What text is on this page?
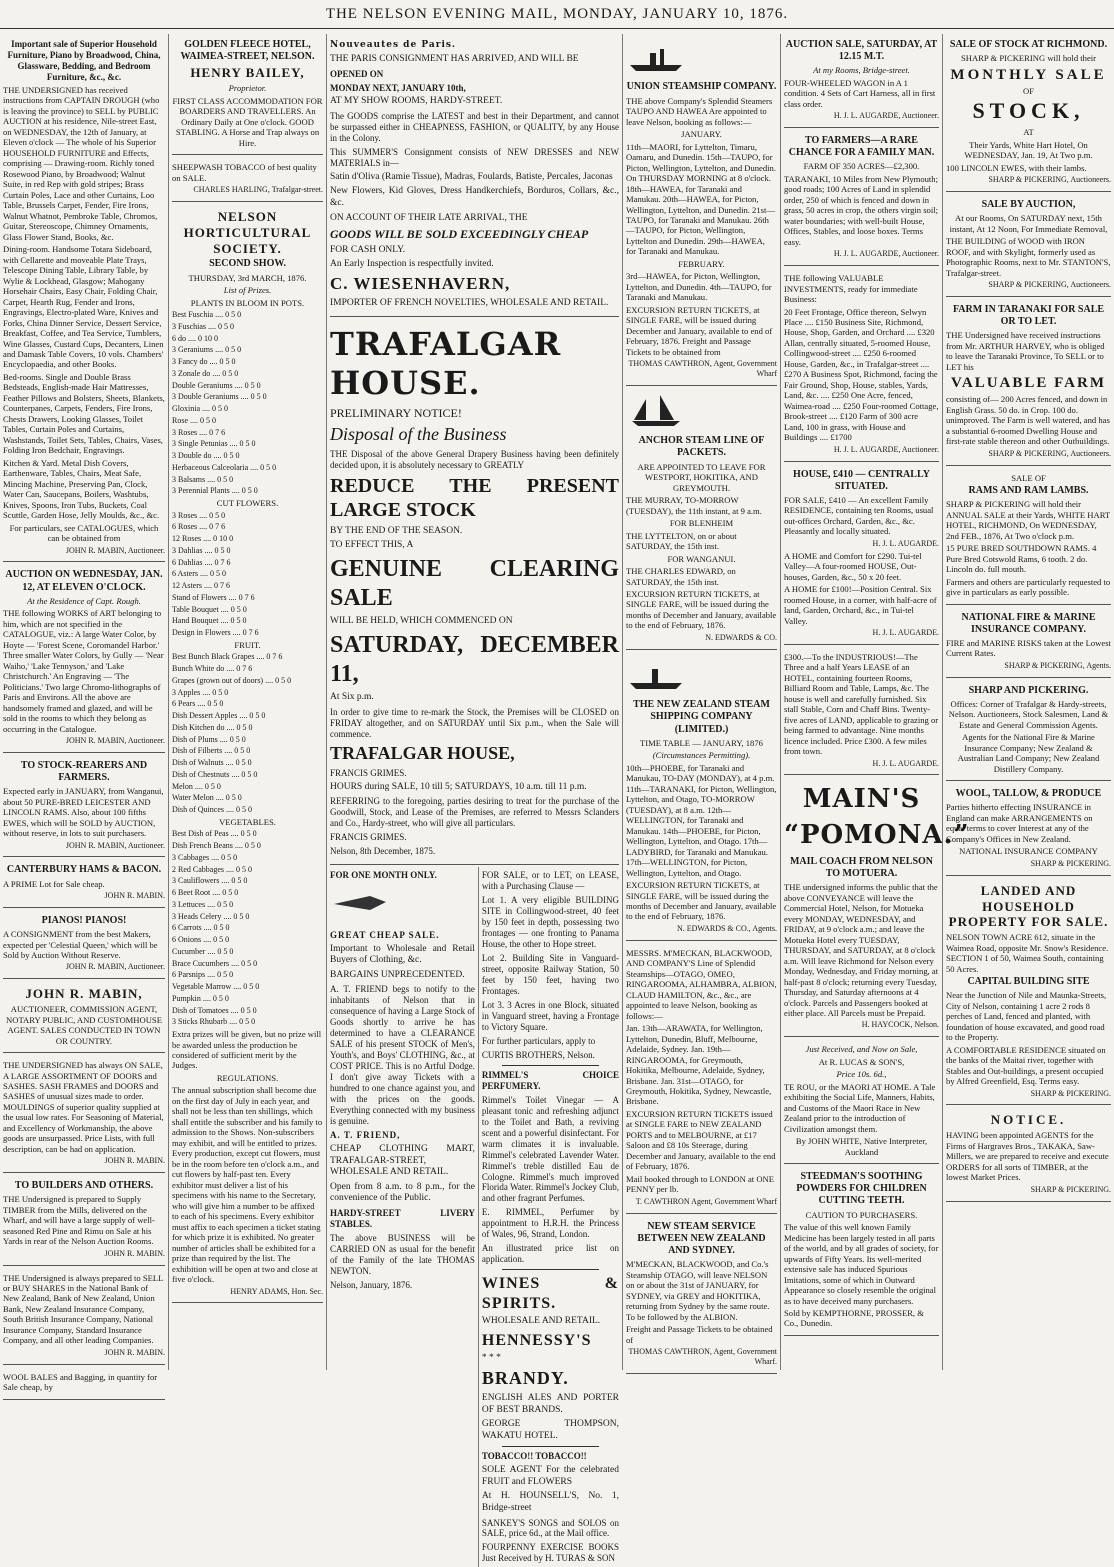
THE NELSON EVENING MAIL, MONDAY, JANUARY 10, 1876.

Important sale of Superior Household Furniture, Piano by Broadwood, China, Glassware, Bedding, and Bedroom Furniture, &c., &c.

THE UNDERSIGNED has received instructions from CAPTAIN DROUGH (who is leaving the province) to SELL by PUBLIC AUCTION at his residence, Nile-street East, on WEDNESDAY, the 12th of January, at Eleven o'clock — The whole of his Superior HOUSEHOLD FURNITURE and Effects, comprising — Drawing-room. Richly toned Rosewood Piano, by Broadwood; Walnut Suite, in red Rep with gold stripes; Brass Curtain Poles, Lace and other Curtains, Loo Table, Brussels Carpet, Fender, Fire Irons, Walnut Whatnot, Pembroke Table, Chromos, Guitar, Stereoscope, Chimney Ornaments, Glass Flower Stand, Books, &c.

Dining-room. Handsome Totara Sideboard, with Cellarette and moveable Plate Trays, Telescope Dining Table, Library Table, by Wylie & Lockhead, Glasgow; Mahogany Horsehair Chairs, Easy Chair, Folding Chair, Carpet, Hearth Rug, Fender and Irons, Engravings, Electro-plated Ware, Knives and Forks, China Dinner Service, Dessert Service, Breakfast, Coffee, and Tea Service, Tumblers, Wine Glasses, Custard Cups, Decanters, Linen and Damask Table Covers, 10 vols. Chambers' Encyclopaedia, and other Books.

Bed-rooms. Single and Double Brass Bedsteads, English-made Hair Mattresses, Feather Pillows and Bolsters, Sheets, Blankets, Counterpanes, Carpets, Fenders, Fire Irons, Chests Drawers, Looking Glasses, Toilet Tables, Curtain Poles and Curtains, Washstands, Toilet Sets, Tables, Chairs, Vases, Folding Iron Bedchair, Engravings.

Kitchen & Yard. Metal Dish Covers, Earthenware, Tables, Chairs, Meat Safe, Mincing Machine, Preserving Pan, Clock, Water Can, Saucepans, Boilers, Washtubs, Knives, Spoons, Iron Tubs, Buckets, Coal Scuttle, Garden Hose, Jelly Moulds, &c., &c.

For particulars, see CATALOGUES, which can be obtained from

JOHN R. MABIN, Auctioneer.

AUCTION ON WEDNESDAY, JAN. 12, AT ELEVEN O'CLOCK.

At the Residence of Capt. Rough.

THE following WORKS of ART belonging to him, which are not specified in the CATALOGUE, viz.: A large Water Color, by Hoyte — 'Forest Scene, Coromandel Harbor.' Three smaller Water Colors, by Gully — 'Near Waiho,' 'Lake Tennyson,' and 'Lake Christchurch.' An Engraving — 'The Politicians.' Two large Chromo-lithographs of Paris and Environs. All the above are handsomely framed and glazed, and will be sold in the rooms to which they belong as occurring in the Catalogue.

JOHN R. MABIN, Auctioneer.

TO STOCK-REARERS AND FARMERS.

Expected early in JANUARY, from Wanganui, about 50 PURE-BRED LEICESTER AND LINCOLN RAMS. Also, about 100 fifths EWES, which will be SOLD by AUCTION, without reserve, in lots to suit purchasers.

JOHN R. MABIN, Auctioneer.

CANTERBURY HAMS & BACON.

A PRIME Lot for Sale cheap.

JOHN R. MABIN.

PIANOS! PIANOS!

A CONSIGNMENT from the best Makers, expected per 'Celestial Queen,' which will be Sold by Auction Without Reserve.

JOHN R. MABIN, Auctioneer.

JOHN R. MABIN,

AUCTIONEER, COMMISSION AGENT, NOTARY PUBLIC, AND CUSTOMHOUSE AGENT. SALES CONDUCTED IN TOWN OR COUNTRY.

THE UNDERSIGNED has always ON SALE, A LARGE ASSORTMENT OF DOORS and SASHES. SASH FRAMES and DOORS and SASHES of unusual sizes made to order. MOULDINGS of superior quality supplied at the usual low rates. For Seasoning of Material, and Excellency of Workmanship, the above goods are unsurpassed. Price Lists, with full description, can be had on application.

JOHN R. MABIN.

TO BUILDERS AND OTHERS.

THE Undersigned is prepared to Supply TIMBER from the Mills, delivered on the Wharf, and will have a large supply of well-seasoned Red Pine and Rimu on Sale at his Yards in rear of the Nelson Auction Rooms.

JOHN R. MABIN.

THE Undersigned is always prepared to SELL or BUY SHARES in the National Bank of New Zealand, Bank of New Zealand, Union Bank, New Zealand Insurance Company, South British Insurance Company, National Insurance Company, Standard Insurance Company, and all other leading Companies.

JOHN R. MABIN.

WOOL BALES and Bagging, in quantity for Sale cheap, by

GOLDEN FLEECE HOTEL, WAIMEA-STREET, NELSON.

HENRY BAILEY,

Proprietor.

FIRST CLASS ACCOMMODATION FOR BOARDERS AND TRAVELLERS. An Ordinary Daily at One o'clock. GOOD STABLING. A Horse and Trap always on Hire.

SHEEPWASH TOBACCO of best quality on SALE.

CHARLES HARLING, Trafalgar-street.

NELSON HORTICULTURAL SOCIETY.

SECOND SHOW.

THURSDAY, 3rd MARCH, 1876.

List of Prizes.

PLANTS IN BLOOM IN POTS.

Best Fuschia .... 0 5 0

3 Fuschias .... 0 5 0

6 do .... 0 10 0

3 Geraniums .... 0 5 0

3 Fancy do .... 0 5 0

3 Zonale do .... 0 5 0

Double Geraniums .... 0 5 0

3 Double Geraniums .... 0 5 0

Gloxinia .... 0 5 0

Rose .... 0 5 0

3 Roses .... 0 7 6

3 Single Petunias .... 0 5 0

3 Double do .... 0 5 0

Herbaceous Calceolaria .... 0 5 0

3 Balsams .... 0 5 0

3 Perennial Plants .... 0 5 0

CUT FLOWERS.

3 Roses .... 0 5 0

6 Roses .... 0 7 6

12 Roses .... 0 10 0

3 Dahlias .... 0 5 0

6 Dahlias .... 0 7 6

6 Asters .... 0 5 0

12 Asters .... 0 7 6

Stand of Flowers .... 0 7 6

Table Bouquet .... 0 5 0

Hand Bouquet .... 0 5 0

Design in Flowers .... 0 7 6

FRUIT.

Best Bunch Black Grapes .... 0 7 6

Bunch White do .... 0 7 6

Grapes (grown out of doors) .... 0 5 0

3 Apples .... 0 5 0

6 Pears .... 0 5 0

Dish Dessert Apples .... 0 5 0

Dish Kitchen do .... 0 5 0

Dish of Plums .... 0 5 0

Dish of Filberts .... 0 5 0

Dish of Walnuts .... 0 5 0

Dish of Chestnuts .... 0 5 0

Melon .... 0 5 0

Water Melon .... 0 5 0

Dish of Quinces .... 0 5 0

VEGETABLES.

Best Dish of Peas .... 0 5 0

Dish French Beans .... 0 5 0

3 Cabbages .... 0 5 0

2 Red Cabbages .... 0 5 0

3 Cauliflowers .... 0 5 0

6 Beet Root .... 0 5 0

3 Lettuces .... 0 5 0

3 Heads Celery .... 0 5 0

6 Carrots .... 0 5 0

6 Onions .... 0 5 0

Cucumber .... 0 5 0

Brace Cucumbers .... 0 5 0

6 Parsnips .... 0 5 0

Vegetable Marrow .... 0 5 0

Pumpkin .... 0 5 0

Dish of Tomatoes .... 0 5 0

3 Sticks Rhubarb .... 0 5 0

Extra prizes will be given, but no prize will be awarded unless the production be considered of sufficient merit by the Judges.

REGULATIONS.

The annual subscription shall become due on the first day of July in each year, and shall not be less than ten shillings, which shall entitle the subscriber and his family to admission to the Shows. Non-subscribers may exhibit, and will be entitled to prizes. Every production, except cut flowers, must be in the room before ten o'clock a.m., and cut flowers by half-past ten. Every exhibitor must deliver a list of his specimens with his name to the Secretary, who will give him a number to be affixed to each of his specimens. Every exhibitor must affix to each specimen a ticket stating for which prize it is exhibited. No greater number of articles shall be exhibited for a prize than required by the list. The exhibition will be open at two and close at five o'clock.

HENRY ADAMS, Hon. Sec.

Nouveautes de Paris.

THE PARIS CONSIGNMENT HAS ARRIVED, AND WILL BE

OPENED ON

MONDAY NEXT, JANUARY 10th,

AT MY SHOW ROOMS, HARDY-STREET.

The GOODS comprise the LATEST and best in their Department, and cannot be surpassed either in CHEAPNESS, FASHION, or QUALITY, by any House in the Colony.

This SUMMER'S Consignment consists of NEW DRESSES and NEW MATERIALS in—

Satin d'Oliva (Ramie Tissue), Madras, Foulards, Batiste, Percales, Jaconas

New Flowers, Kid Gloves, Dress Handkerchiefs, Borduros, Collars, &c., &c.

ON ACCOUNT OF THEIR LATE ARRIVAL, THE

GOODS WILL BE SOLD EXCEEDINGLY CHEAP

FOR CASH ONLY.

An Early Inspection is respectfully invited.

C. WIESENHAVERN,

IMPORTER OF FRENCH NOVELTIES, WHOLESALE AND RETAIL.

TRAFALGAR HOUSE.

PRELIMINARY NOTICE!

Disposal of the Business

THE Disposal of the above General Drapery Business having been definitely decided upon, it is absolutely necessary to GREATLY

REDUCE THE PRESENT LARGE STOCK

BY THE END OF THE SEASON.

TO EFFECT THIS, A

GENUINE CLEARING SALE

WILL BE HELD, WHICH COMMENCED ON

SATURDAY, DECEMBER 11,

At Six p.m.

In order to give time to re-mark the Stock, the Premises will be CLOSED on FRIDAY altogether, and on SATURDAY until Six p.m., when the Sale will commence.

TRAFALGAR HOUSE,

FRANCIS GRIMES.

HOURS during SALE, 10 till 5; SATURDAYS, 10 a.m. till 11 p.m.

REFERRING to the foregoing, parties desiring to treat for the purchase of the Goodwill, Stock, and Lease of the Premises, are referred to Messrs Sclanders and Co., Hardy-street, who will give all particulars.

FRANCIS GRIMES.

Nelson, 8th December, 1875.

FOR ONE MONTH ONLY.

GREAT CHEAP SALE.

Important to Wholesale and Retail Buyers of Clothing, &c.

BARGAINS UNPRECEDENTED.

A. T. FRIEND begs to notify to the inhabitants of Nelson that in consequence of having a Large Stock of Goods shortly to arrive he has determined to have a CLEARANCE SALE of his present STOCK of Men's, Youth's, and Boys' CLOTHING, &c., at COST PRICE. This is no Artful Dodge. I don't give away Tickets with a hundred to one chance against you, and with the prices on the goods. Everything connected with my business is genuine.

A. T. FRIEND,

CHEAP CLOTHING MART, TRAFALGAR-STREET, WHOLESALE AND RETAIL.

Open from 8 a.m. to 8 p.m., for the convenience of the Public.

HARDY-STREET LIVERY STABLES.

The above BUSINESS will be CARRIED ON as usual for the benefit of the Family of the late THOMAS NEWTON.

Nelson, January, 1876.

FOR SALE, or to LET, on LEASE, with a Purchasing Clause —

Lot 1. A very eligible BUILDING SITE in Collingwood-street, 40 feet by 150 feet in depth, possessing two frontages — one fronting to Panama House, the other to Hope street.

Lot 2. Building Site in Vanguard-street, opposite Railway Station, 50 feet by 150 feet, having two Frontages.

Lot 3. 3 Acres in one Block, situated in Vanguard street, having a Frontage to Victory Square.

For further particulars, apply to

CURTIS BROTHERS, Nelson.

RIMMEL'S CHOICE PERFUMERY.

Rimmel's Toilet Vinegar — A pleasant tonic and refreshing adjunct to the Toilet and Bath, a reviving scent and a powerful disinfectant. For warm climates it is invaluable. Rimmel's celebrated Lavender Water. Rimmel's treble distilled Eau de Cologne. Rimmel's much improved Florida Water. Rimmel's Jockey Club, and other fragrant Perfumes.

E. RIMMEL, Perfumer by appointment to H.R.H. the Princess of Wales, 96, Strand, London.

An illustrated price list on application.

WINES & SPIRITS.

WHOLESALE AND RETAIL.

HENNESSY'S

* * *

BRANDY.

ENGLISH ALES AND PORTER OF BEST BRANDS.

GEORGE THOMPSON, WAKATU HOTEL.

TOBACCO!! TOBACCO!!

SOLE AGENT For the celebrated FRUIT and FLOWERS

At H. HOUNSELL'S, No. 1, Bridge-street

SANKEY'S SONGS and SOLOS on SALE, price 6d., at the Mail office.

FOURPENNY EXERCISE BOOKS Just Received by H. TURAS & SON

UNION STEAMSHIP COMPANY.

THE above Company's Splendid Steamers TAUPO AND HAWEA Are appointed to leave Nelson, booking as follows:—

JANUARY.

11th—MAORI, for Lyttelton, Timaru, Oamaru, and Dunedin. 15th—TAUPO, for Picton, Wellington, Lyttelton, and Dunedin. On THURSDAY MORNING at 8 o'clock. 18th—HAWEA, for Taranaki and Manukau. 20th—HAWEA, for Picton, Wellington, Lyttelton, and Dunedin. 21st—TAUPO, for Taranaki and Manukau. 26th—TAUPO, for Picton, Wellington, Lyttelton and Dunedin. 29th—HAWEA, for Taranaki and Manukau.

FEBRUARY.

3rd—HAWEA, for Picton, Wellington, Lyttelton, and Dunedin. 4th—TAUPO, for Taranaki and Manukau.

EXCURSION RETURN TICKETS, at SINGLE FARE, will be issued during December and January, available to end of February, 1876. Freight and Passage Tickets to be obtained from

THOMAS CAWTHRON, Agent, Government Wharf

ANCHOR STEAM LINE OF PACKETS.

ARE APPOINTED TO LEAVE FOR WESTPORT, HOKITIKA, AND GREYMOUTH.

THE MURRAY, TO-MORROW (TUESDAY), the 11th instant, at 9 a.m.

FOR BLENHEIM

THE LYTTELTON, on or about SATURDAY, the 15th inst.

FOR WANGANUI.

THE CHARLES EDWARD, on SATURDAY, the 15th inst.

EXCURSION RETURN TICKETS, at SINGLE FARE, will be issued during the months of December and January, available to the end of February, 1876.

N. EDWARDS & CO.

THE NEW ZEALAND STEAM SHIPPING COMPANY (LIMITED.)

TIME TABLE — JANUARY, 1876

(Circumstances Permitting).

10th—PHOEBE, for Taranaki and Manukau, TO-DAY (MONDAY), at 4 p.m. 11th—TARANAKI, for Picton, Wellington, Lyttelton, and Otago, TO-MORROW (TUESDAY), at 8 a.m. 12th—WELLINGTON, for Taranaki and Manukau. 14th—PHOEBE, for Picton, Wellington, Lyttelton, and Otago. 17th—LADYBIRD, for Taranaki and Manukau. 17th—WELLINGTON, for Picton, Wellington, Lyttelton, and Otago.

EXCURSION RETURN TICKETS, at SINGLE FARE, will be issued during the months of December and January, available to the end of February, 1876.

N. EDWARDS & CO., Agents.

MESSRS. M'MECKAN, BLACKWOOD, AND COMPANY'S Line of Splendid Steamships—OTAGO, OMEO, RINGAROOMA, ALHAMBRA, ALBION, CLAUD HAMILTON, &c., &c., are appointed to leave Nelson, booking as follows:—

Jan. 13th—ARAWATA, for Wellington, Lyttelton, Dunedin, Bluff, Melbourne, Adelaide, Sydney. Jan. 19th—RINGAROOMA, for Greymouth, Hokitika, Melbourne, Adelaide, Sydney, Brisbane. Jan. 31st—OTAGO, for Greymouth, Hokitika, Sydney, Newcastle, Brisbane.

EXCURSION RETURN TICKETS issued at SINGLE FARE to NEW ZEALAND PORTS and to MELBOURNE, at £17 Saloon and £8 10s Steerage, during December and January, available to the end of February, 1876.

Mail booked through to LONDON at ONE PENNY per lb.

T. CAWTHRON Agent, Government Wharf

NEW STEAM SERVICE BETWEEN NEW ZEALAND AND SYDNEY.

M'MECKAN, BLACKWOOD, and Co.'s Steamship OTAGO, will leave NELSON on or about the 31st of JANUARY, for SYDNEY, via GREY and HOKITIKA, returning from Sydney by the same route. To be followed by the ALBION.

Freight and Passage Tickets to be obtained of

THOMAS CAWTHRON, Agent, Government Wharf.

AUCTION SALE, SATURDAY, AT 12.15 M.T.

At my Rooms, Bridge-street.

FOUR-WHEELED WAGON in A 1 condition. 4 Sets of Cart Harness, all in first class order.

H. J. L. AUGARDE, Auctioneer.

TO FARMERS—A RARE CHANCE FOR A FAMILY MAN.

FARM OF 350 ACRES—£2,300.

TARANAKI, 10 Miles from New Plymouth; good roads; 100 Acres of Land in splendid order, 250 of which is fenced and down in grass, 50 acres in crop, the others virgin soil; water boundaries; with well-built House, Offices, Stables, and loose boxes. Terms easy.

H. J. L. AUGARDE, Auctioneer.

THE following VALUABLE INVESTMENTS, ready for immediate Business:

20 Feet Frontage, Office thereon, Selwyn Place .... £150 Business Site, Richmond, House, Shop, Garden, and Orchard .... £320 Allan, centrally situated, 5-roomed House, Collingwood-street .... £250 6-roomed House, Garden, &c., in Trafalgar-street .... £270 A Business Spot, Richmond, facing the Fair Ground, Shop, House, stables, Yards, Land, &c. .... £250 One Acre, fenced, Waimea-road .... £250 Four-roomed Cottage, Brook-street .... £120 Farm of 300 acre Land, 100 in grass, with House and Buildings .... £1700

H. J. L. AUGARDE, Auctioneer.

HOUSE, £410 — CENTRALLY SITUATED.

FOR SALE, £410 — An excellent Family RESIDENCE, containing ten Rooms, usual out-offices Orchard, Garden, &c., &c. Pleasantly and locally situated.

H. J. L. AUGARDE.

A HOME and Comfort for £290. Tui-tel Valley—A four-roomed HOUSE, Out-houses, Garden, &c., 50 x 20 feet.

A HOME for £100!—Position Central. Six roomed House, in a corner, with half-acre of land, Garden, Orchard, &c., in Tui-tel Valley.

H. J. L. AUGARDE.

£300.—To the INDUSTRIOUS!—The Three and a half Years LEASE of an HOTEL, containing fourteen Rooms, Billiard Room and Table, Lamps, &c. The house is well and carefully furnished. Six stall Stable, Corn and Chaff Bins. Twenty-five acres of LAND, applicable to grazing or being farmed to advantage. Nine months licence included. Price £300. A few miles from town.

H. J. L. AUGARDE.

MAIN'S

“POMONA.”

MAIL COACH FROM NELSON TO MOTUERA.

THE undersigned informs the public that the above CONVEYANCE will leave the Commercial Hotel, Nelson, for Motueka every MONDAY, WEDNESDAY, and FRIDAY, at 9 o'clock a.m.; and leave the Motueka Hotel every TUESDAY, THURSDAY, and SATURDAY, at 8 o'clock a.m. Will leave Richmond for Nelson every Monday, Wednesday, and Friday morning, at half-past 8 o'clock; returning every Tuesday, Thursday, and Saturday afternoons at 4 o'clock. Parcels and Passengers booked at either place. All Parcels must be Prepaid.

H. HAYCOCK, Nelson.

Just Received, and Now on Sale,

At R. LUCAS & SON'S,

Price 10s. 6d.,

TE ROU, or the MAORI AT HOME. A Tale exhibiting the Social Life, Manners, Habits, and Customs of the Maori Race in New Zealand prior to the introduction of Civilization amongst them.

By JOHN WHITE, Native Interpreter, Auckland

STEEDMAN'S SOOTHING POWDERS FOR CHILDREN CUTTING TEETH.

CAUTION TO PURCHASERS.

The value of this well known Family Medicine has been largely tested in all parts of the world, and by all grades of society, for upwards of Fifty Years. Its well-merited extensive sale has induced Spurious Imitations, some of which in Outward Appearance so closely resemble the original as to have deceived many purchasers.

Sold by KEMPTHORNE, PROSSER, & Co., Dunedin.

SALE OF STOCK AT RICHMOND.

SHARP & PICKERING will hold their

MONTHLY SALE

OF

STOCK,

AT

Their Yards, White Hart Hotel, On WEDNESDAY, Jan. 19, At Two p.m.

100 LINCOLN EWES, with their lambs.

SHARP & PICKERING, Auctioneers.

SALE BY AUCTION,

At our Rooms, On SATURDAY next, 15th instant, At 12 Noon, For Immediate Removal,

THE BUILDING of WOOD with IRON ROOF, and with Skylight, formerly used as Photographic Rooms, next to Mr. STANTON'S, Trafalgar-street.

SHARP & PICKERING, Auctioneers.

FARM IN TARANAKI FOR SALE OR TO LET.

THE Undersigned have received instructions from Mr. ARTHUR HARVEY, who is obliged to leave the Taranaki Province, To SELL or to LET his

VALUABLE FARM

consisting of— 200 Acres fenced, and down in English Grass. 50 do. in Crop. 100 do. unimproved. The Farm is well watered, and has a substantial 6-roomed Dwelling House and first-rate stable thereon and other Outbuildings.

SHARP & PICKERING, Auctioneers.

SALE OF

RAMS AND RAM LAMBS.

SHARP & PICKERING will hold their ANNUAL SALE at their Yards, WHITE HART HOTEL, RICHMOND, On WEDNESDAY, 2nd FEB., 1876, At Two o'clock p.m.

15 PURE BRED SOUTHDOWN RAMS. 4 Pure Bred Cotswold Rams, 6 tooth. 2 do. Lincoln do. full mouth.

Farmers and others are particularly requested to give in particulars as early possible.

NATIONAL FIRE & MARINE INSURANCE COMPANY.

FIRE and MARINE RISKS taken at the Lowest Current Rates.

SHARP & PICKERING, Agents.

SHARP AND PICKERING.

Offices: Corner of Trafalgar & Hardy-streets, Nelson. Auctioneers, Stock Salesmen, Land & Estate and General Commission Agents.

Agents for the National Fire & Marine Insurance Company; New Zealand & Australian Land Company; New Zealand Distillery Company.

WOOL, TALLOW, & PRODUCE

Parties hitherto effecting INSURANCE in England can make ARRANGEMENTS on equal terms to cover Interest at any of the Company's Offices in New Zealand.

NATIONAL INSURANCE COMPANY

SHARP & PICKERING.

LANDED AND HOUSEHOLD PROPERTY FOR SALE.

NELSON TOWN ACRE 612, situate in the Waimea Road, opposite Mr. Snow's Residence. SECTION 1 of 50, Waimea South, containing 50 Acres.

CAPITAL BUILDING SITE

Near the Junction of Nile and Maunka-Streets, City of Nelson, containing 1 acre 2 rods 8 perches of Land, fenced and planted, with foundation of house excavated, and good road to the Property.

A COMFORTABLE RESIDENCE situated on the banks of the Maitai river, together with Stables and Out-buildings, a present occupied by Alfred Greenfield, Esq. Terms easy.

SHARP & PICKERING.

NOTICE.

HAVING been appointed AGENTS for the Firms of Hargraves Bros., TAKAKA, Saw-Millers, we are prepared to receive and execute ORDERS for all sorts of TIMBER, at the lowest Market Prices.

SHARP & PICKERING.
